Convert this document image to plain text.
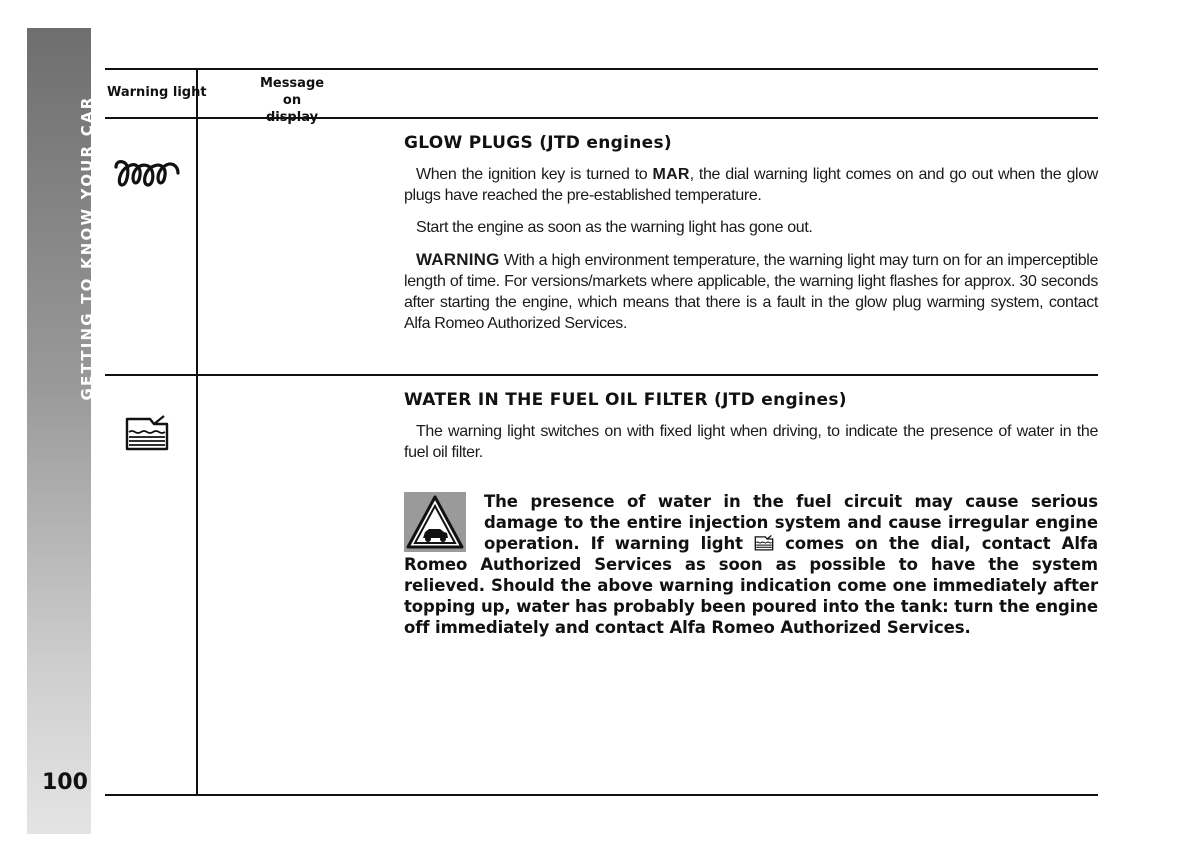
GETTING TO KNOW YOUR CAR
100
Warning light
Message
on display
GLOW PLUGS (JTD engines)

When the ignition key is turned to MAR, the dial warning light comes on and go out when the glow plugs have reached the pre-established temperature.

Start the engine as soon as the warning light has gone out.

WARNING With a high environment temperature, the warning light may turn on for an imperceptible length of time. For versions/markets where applicable, the warning light flashes for approx. 30 seconds after starting the engine, which means that there is a fault in the glow plug warming system, contact Alfa Romeo Authorized Services.

WATER IN THE FUEL OIL FILTER (JTD engines)

The warning light switches on with fixed light when driving, to indicate the presence of water in the fuel oil filter.

The presence of water in the fuel circuit may cause serious damage to the entire injection system and cause irregular engine operation. If warning light  comes on the dial, contact Alfa Romeo Authorized Services as soon as possible to have the system relieved. Should the above warning indication come one immediately after topping up, water has probably been poured into the tank: turn the engine off immediately and contact Alfa Romeo Authorized Services.
